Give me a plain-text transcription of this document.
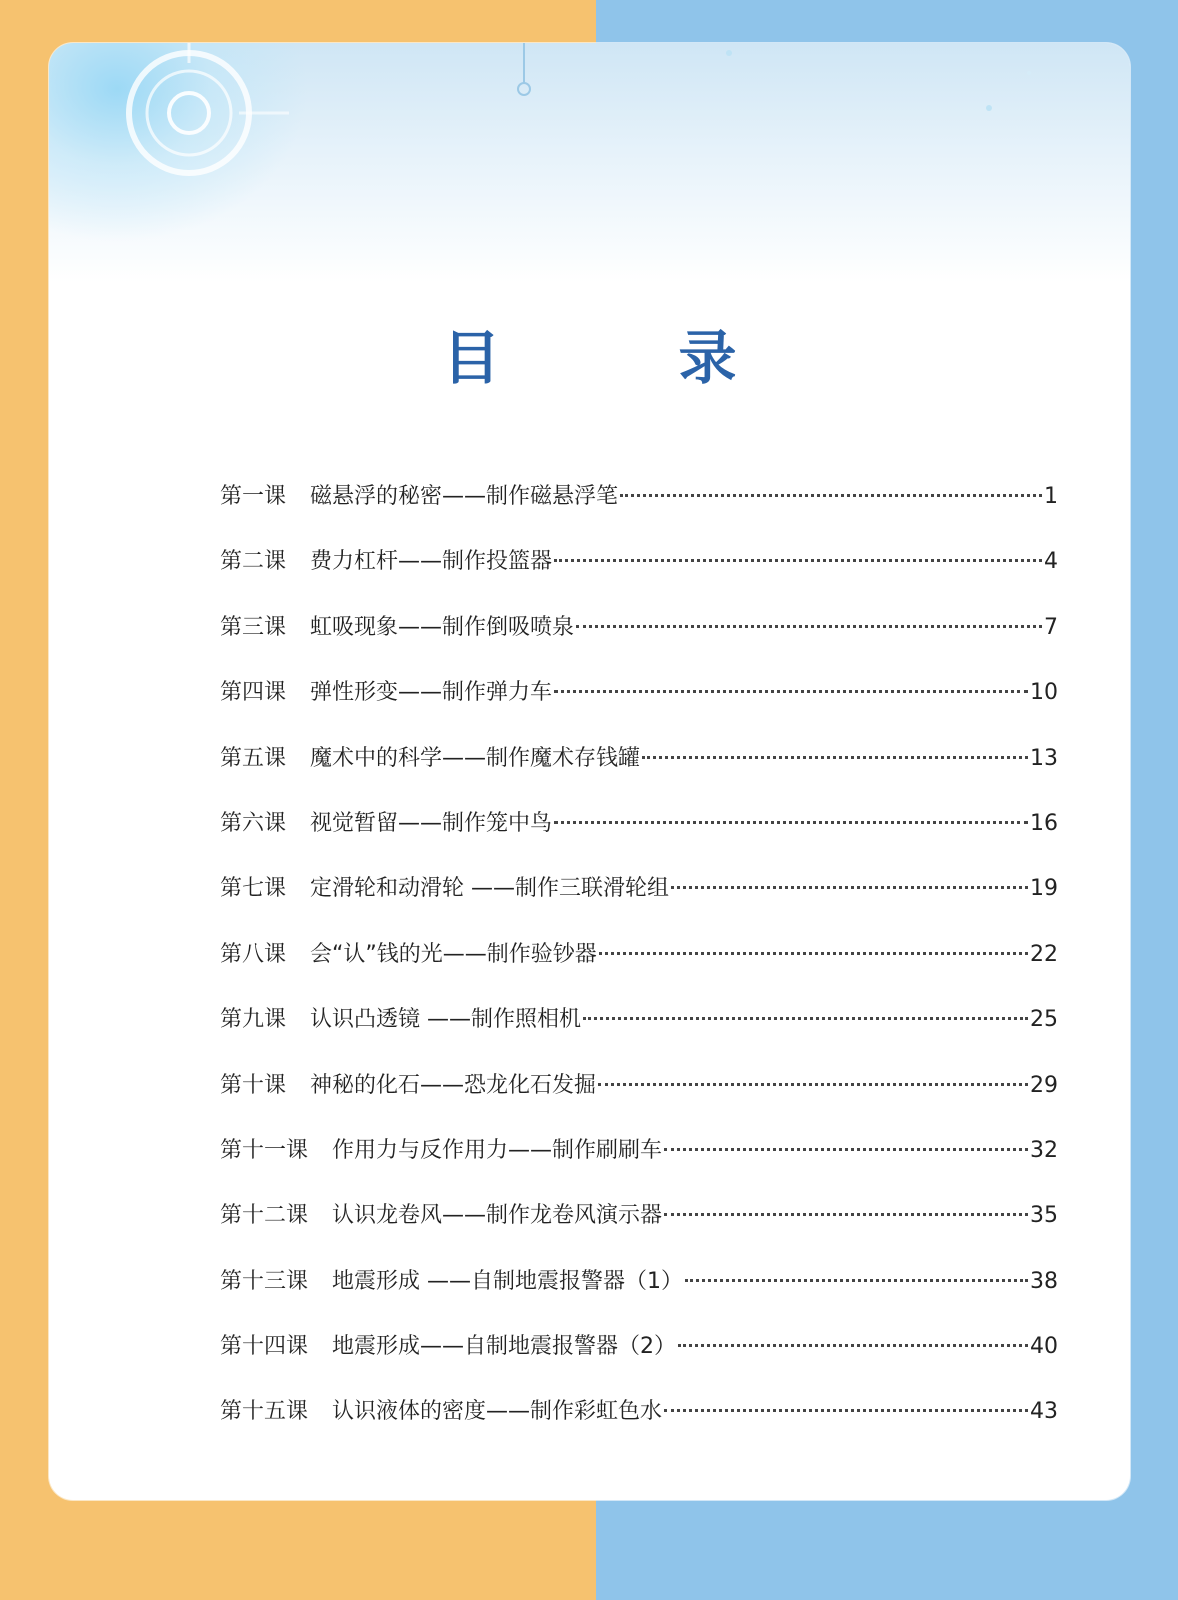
目　录
第一课 磁悬浮的秘密——制作磁悬浮笔	1
第二课 费力杠杆——制作投篮器	4
第三课 虹吸现象——制作倒吸喷泉	7
第四课 弹性形变——制作弹力车	10
第五课 魔术中的科学——制作魔术存钱罐	13
第六课 视觉暂留——制作笼中鸟	16
第七课 定滑轮和动滑轮 ——制作三联滑轮组	19
第八课 会“认”钱的光——制作验钞器	22
第九课 认识凸透镜 ——制作照相机	25
第十课 神秘的化石——恐龙化石发掘	29
第十一课 作用力与反作用力——制作刷刷车	32
第十二课 认识龙卷风——制作龙卷风演示器	35
第十三课 地震形成 ——自制地震报警器（1）	38
第十四课 地震形成——自制地震报警器（2）	40
第十五课 认识液体的密度——制作彩虹色水	43
